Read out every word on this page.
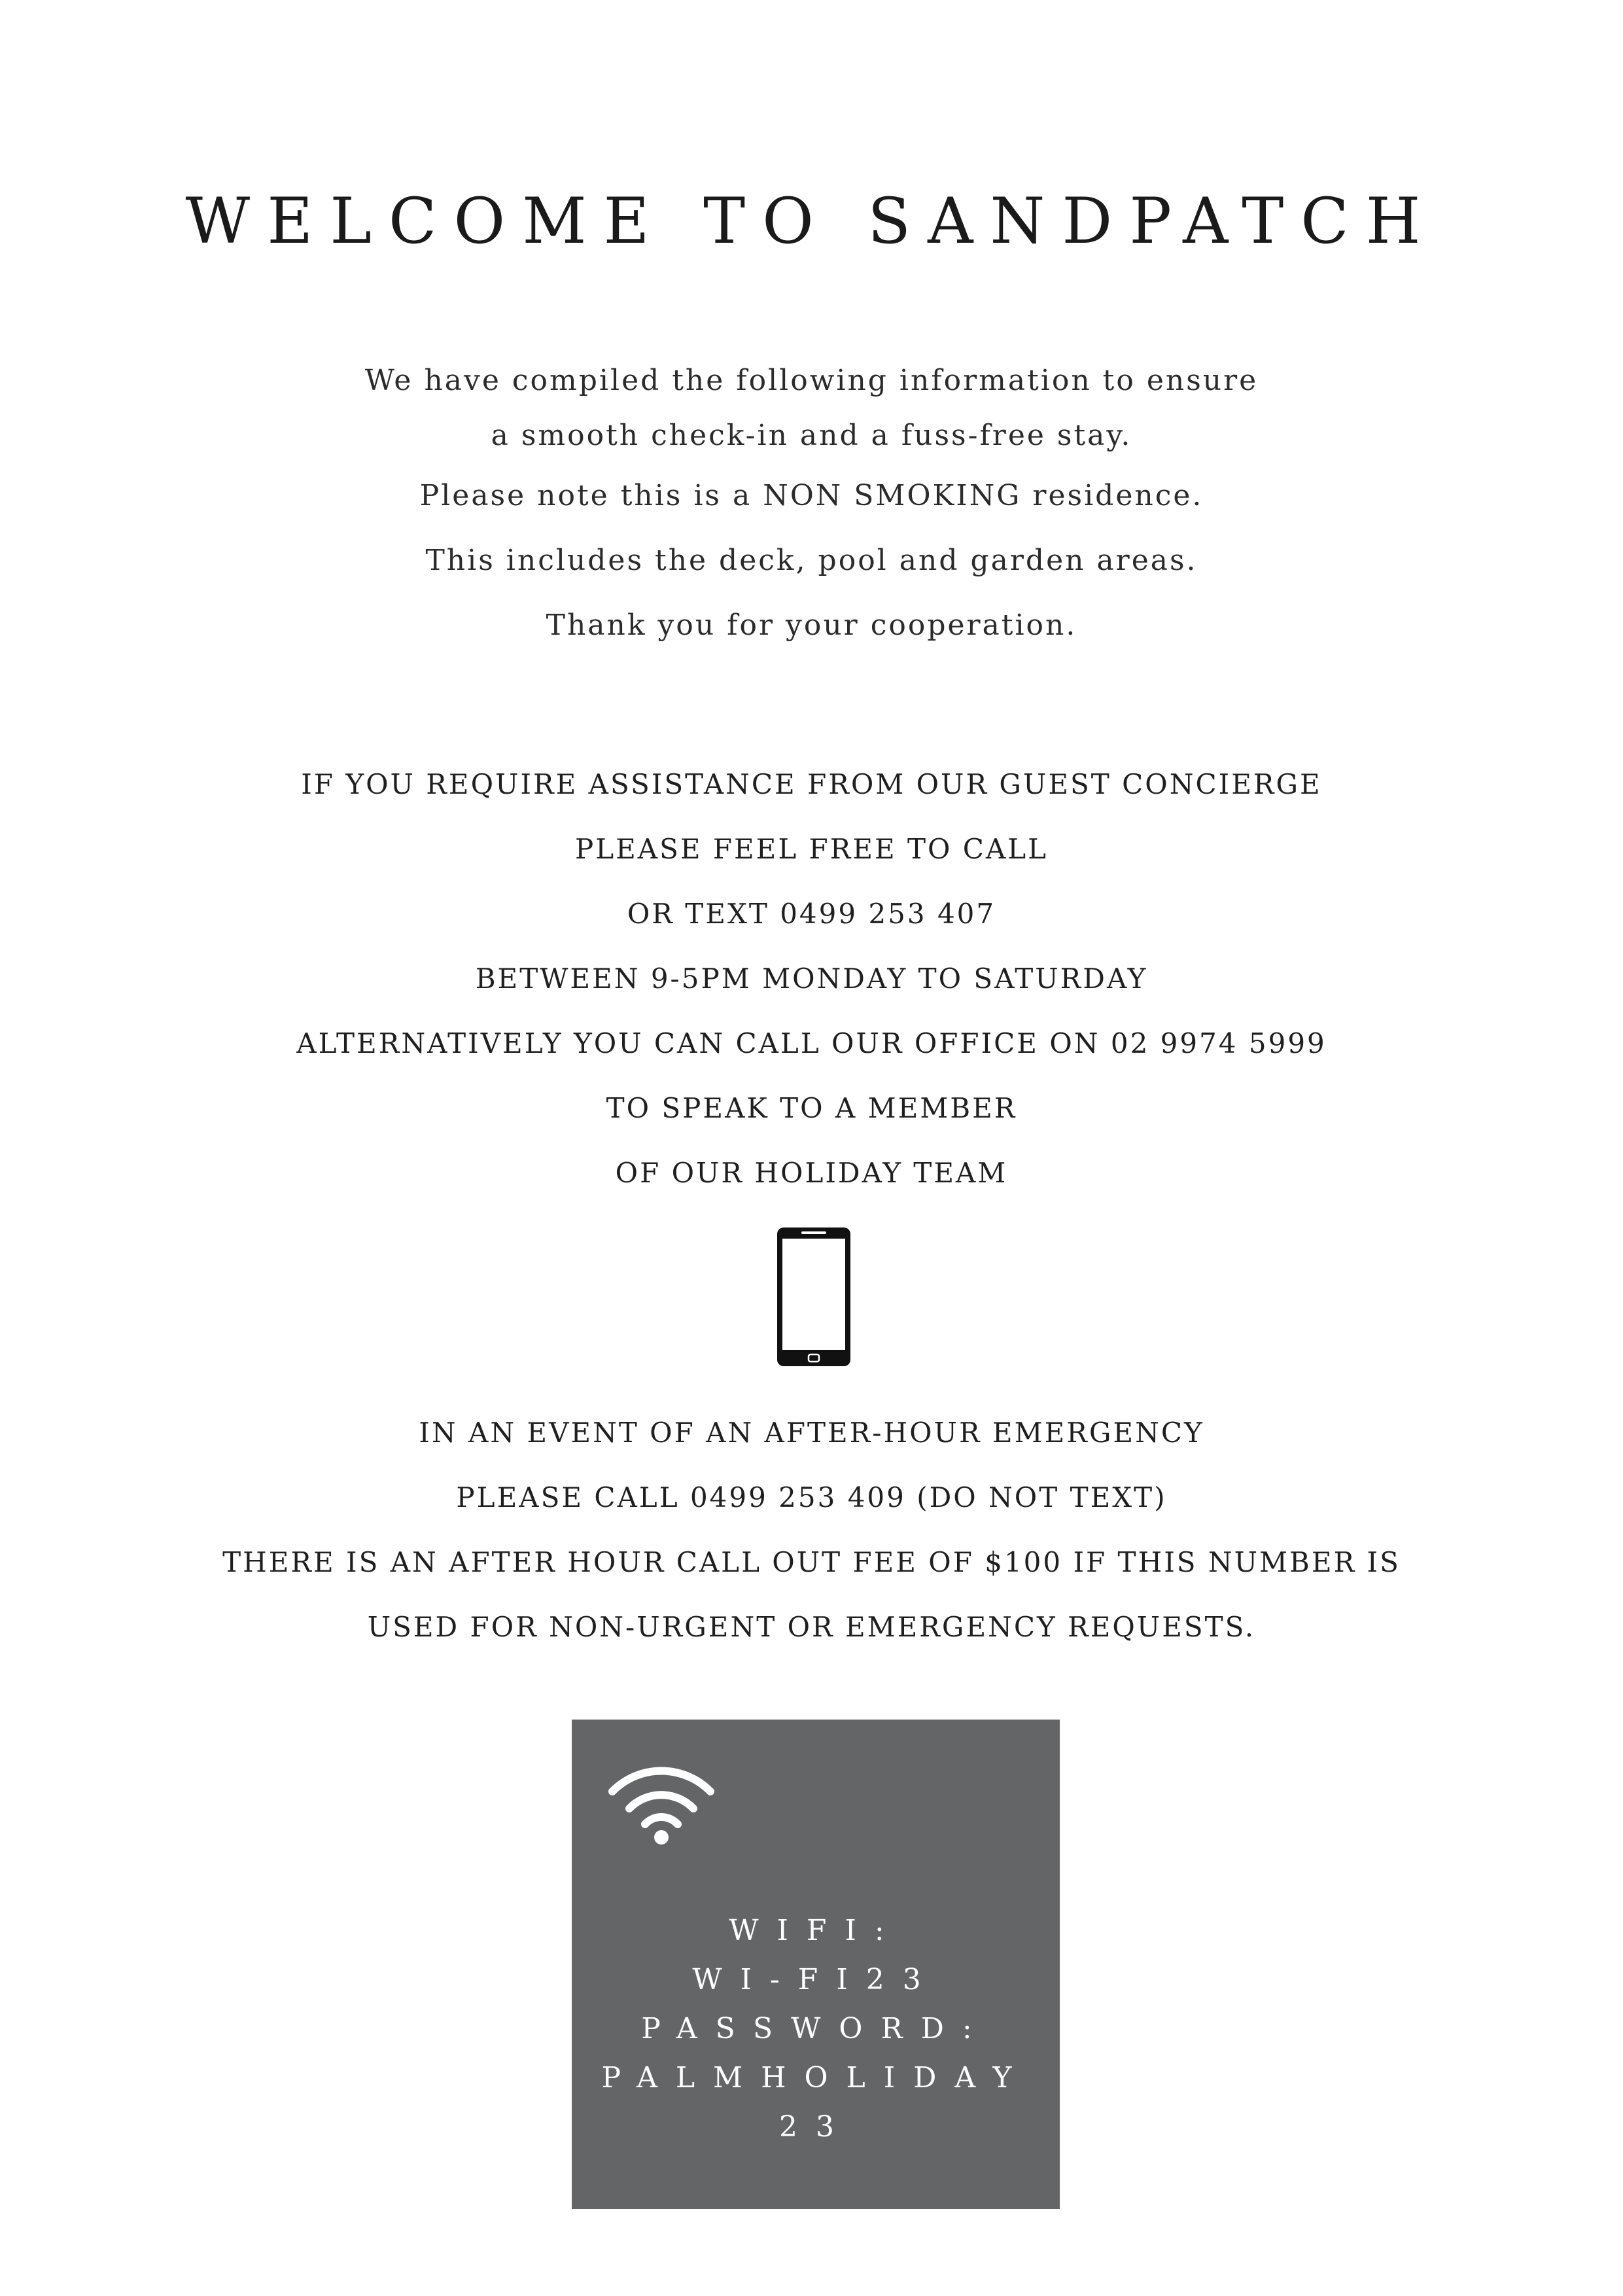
WELCOME TO SANDPATCH
We have compiled the following information to ensure
a smooth check-in and a fuss-free stay.
Please note this is a NON SMOKING residence.
This includes the deck, pool and garden areas.
Thank you for your cooperation.
IF YOU REQUIRE ASSISTANCE FROM OUR GUEST CONCIERGE
PLEASE FEEL FREE TO CALL
OR TEXT 0499 253 407
BETWEEN 9-5PM MONDAY TO SATURDAY
ALTERNATIVELY YOU CAN CALL OUR OFFICE ON 02 9974 5999
TO SPEAK TO A MEMBER
OF OUR HOLIDAY TEAM
IN AN EVENT OF AN AFTER-HOUR EMERGENCY
PLEASE CALL 0499 253 409 (DO NOT TEXT)
THERE IS AN AFTER HOUR CALL OUT FEE OF $100 IF THIS NUMBER IS
USED FOR NON-URGENT OR EMERGENCY REQUESTS.
WIFI:
WI-FI23
PASSWORD:
PALMHOLIDAY
23
